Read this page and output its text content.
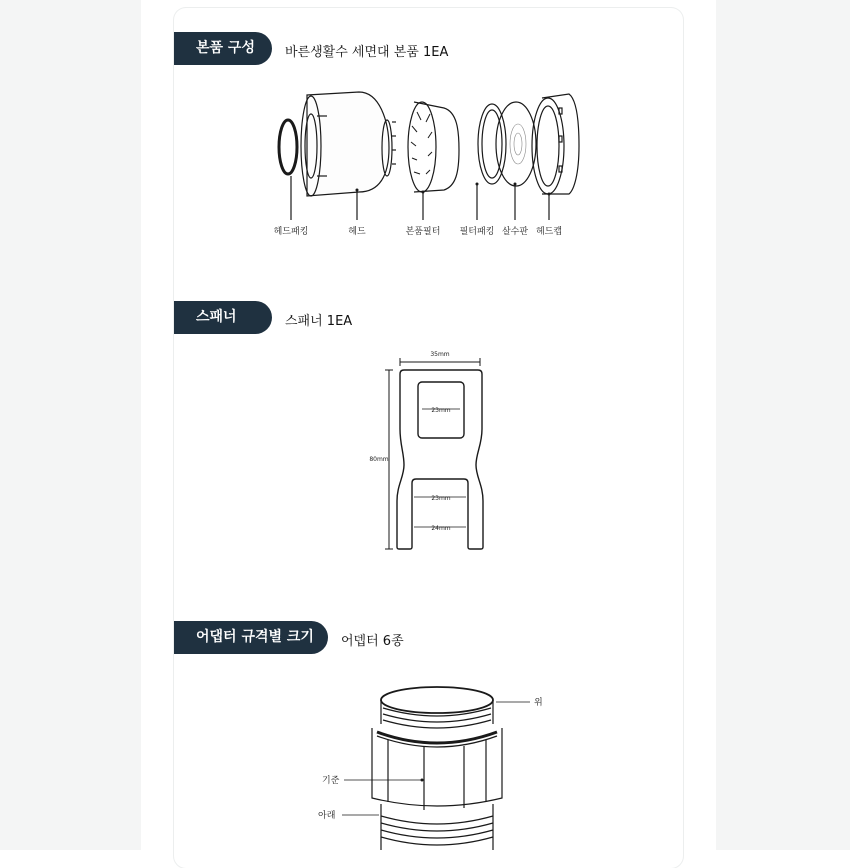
본품 구성	바른생활수 세면대 본품 1EA
헤드패킹	헤드	본품필터 필터패킹 살수판 헤드캡
스패너	스패너 1EA
35mm
80mm
23mm
23mm
24mm
어댑터 규격별 크기	어뎁터 6종
위
기준
아래
